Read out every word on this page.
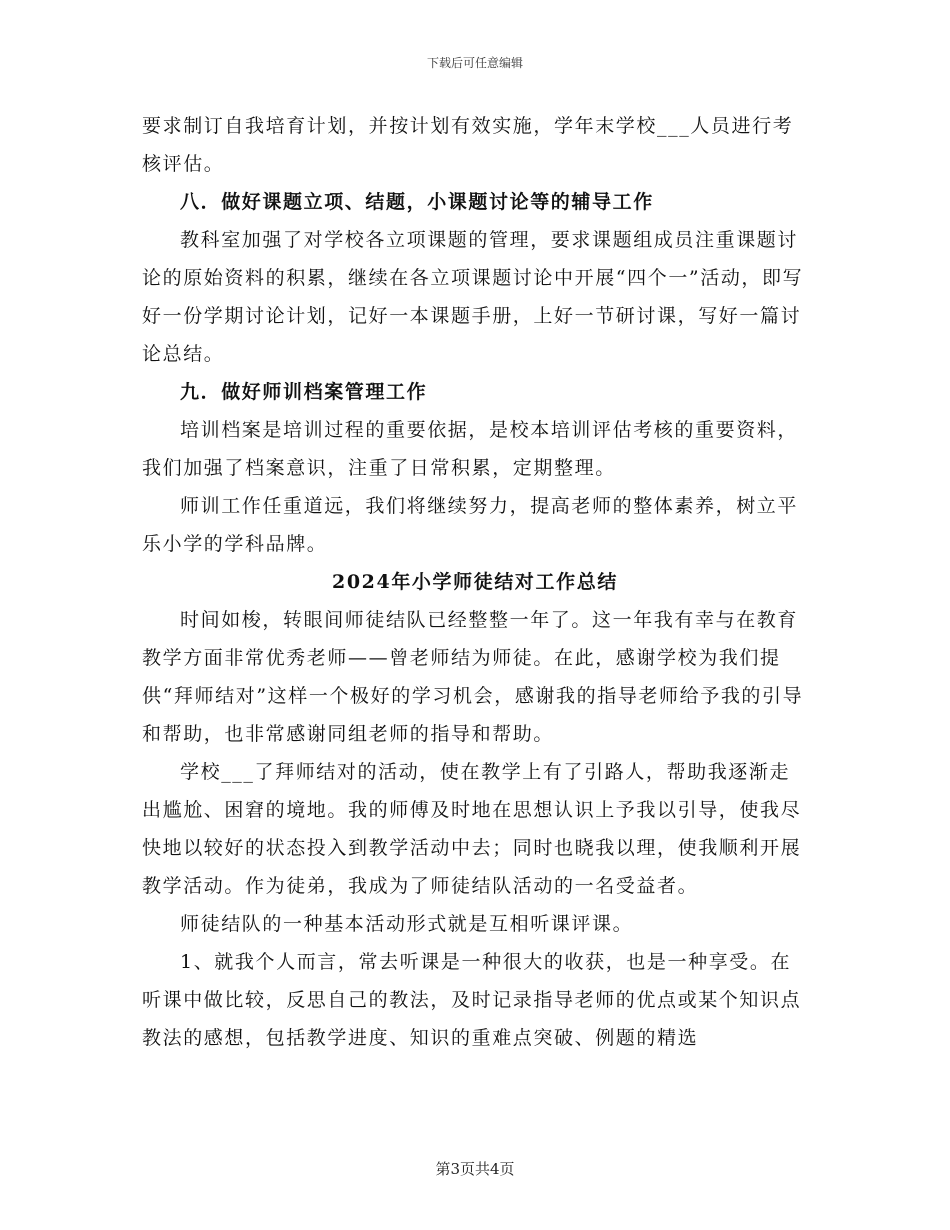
下载后可任意编辑

要求制订自我培育计划，并按计划有效实施，学年末学校___人员进行考核评估。

八．做好课题立项、结题，小课题讨论等的辅导工作

教科室加强了对学校各立项课题的管理，要求课题组成员注重课题讨论的原始资料的积累，继续在各立项课题讨论中开展“四个一”活动，即写好一份学期讨论计划，记好一本课题手册，上好一节研讨课，写好一篇讨论总结。

九．做好师训档案管理工作

培训档案是培训过程的重要依据，是校本培训评估考核的重要资料，我们加强了档案意识，注重了日常积累，定期整理。

师训工作任重道远，我们将继续努力，提高老师的整体素养，树立平乐小学的学科品牌。

2024年小学师徒结对工作总结

时间如梭，转眼间师徒结队已经整整一年了。这一年我有幸与在教育教学方面非常优秀老师——曾老师结为师徒。在此，感谢学校为我们提供“拜师结对”这样一个极好的学习机会，感谢我的指导老师给予我的引导和帮助，也非常感谢同组老师的指导和帮助。

学校___了拜师结对的活动，使在教学上有了引路人，帮助我逐渐走出尴尬、困窘的境地。我的师傅及时地在思想认识上予我以引导，使我尽快地以较好的状态投入到教学活动中去；同时也晓我以理，使我顺利开展教学活动。作为徒弟，我成为了师徒结队活动的一名受益者。

师徒结队的一种基本活动形式就是互相听课评课。

1、就我个人而言，常去听课是一种很大的收获，也是一种享受。在听课中做比较，反思自己的教法，及时记录指导老师的优点或某个知识点教法的感想，包括教学进度、知识的重难点突破、例题的精选

第3页共4页
